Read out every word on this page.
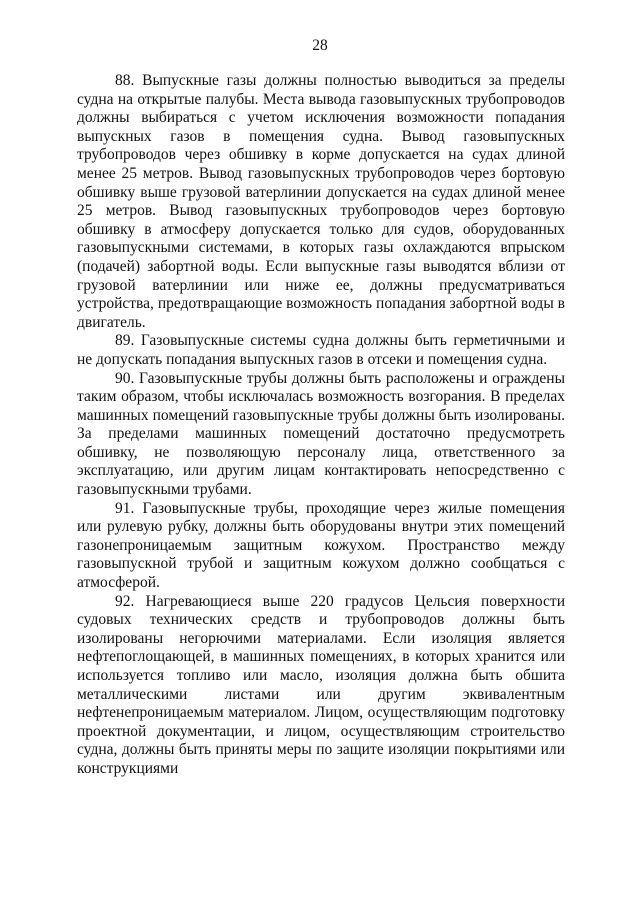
28

88. Выпускные газы должны полностью выводиться за пределы судна на открытые палубы. Места вывода газовыпускных трубопроводов должны выбираться с учетом исключения возможности попадания выпускных газов в помещения судна. Вывод газовыпускных трубопроводов через обшивку в корме допускается на судах длиной менее 25 метров. Вывод газовыпускных трубопроводов через бортовую обшивку выше грузовой ватерлинии допускается на судах длиной менее 25 метров. Вывод газовыпускных трубопроводов через бортовую обшивку в атмосферу допускается только для судов, оборудованных газовыпускными системами, в которых газы охлаждаются впрыском (подачей) забортной воды. Если выпускные газы выводятся вблизи от грузовой ватерлинии или ниже ее, должны предусматриваться устройства, предотвращающие возможность попадания забортной воды в двигатель.

89. Газовыпускные системы судна должны быть герметичными и не допускать попадания выпускных газов в отсеки и помещения судна.

90. Газовыпускные трубы должны быть расположены и ограждены таким образом, чтобы исключалась возможность возгорания. В пределах машинных помещений газовыпускные трубы должны быть изолированы. За пределами машинных помещений достаточно предусмотреть обшивку, не позволяющую персоналу лица, ответственного за эксплуатацию, или другим лицам контактировать непосредственно с газовыпускными трубами.

91. Газовыпускные трубы, проходящие через жилые помещения или рулевую рубку, должны быть оборудованы внутри этих помещений газонепроницаемым защитным кожухом. Пространство между газовыпускной трубой и защитным кожухом должно сообщаться с атмосферой.

92. Нагревающиеся выше 220 градусов Цельсия поверхности судовых технических средств и трубопроводов должны быть изолированы негорючими материалами. Если изоляция является нефтепоглощающей, в машинных помещениях, в которых хранится или используется топливо или масло, изоляция должна быть обшита металлическими листами или другим эквивалентным нефтенепроницаемым материалом. Лицом, осуществляющим подготовку проектной документации, и лицом, осуществляющим строительство судна, должны быть приняты меры по защите изоляции покрытиями или конструкциями
